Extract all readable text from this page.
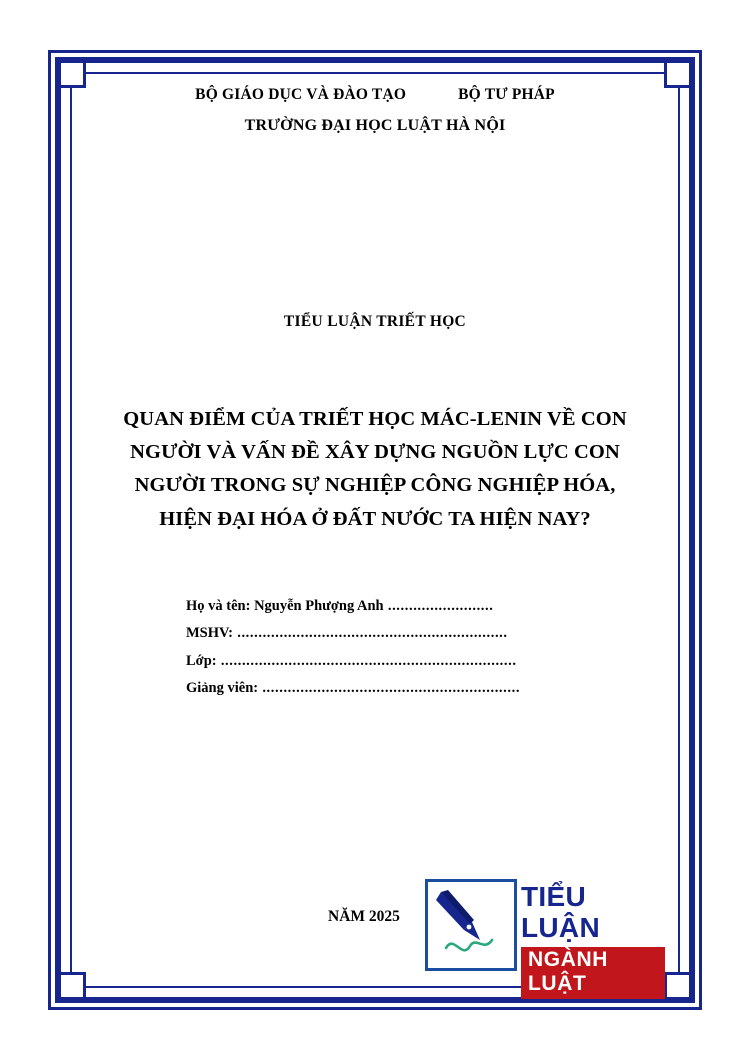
BỘ GIÁO DỤC VÀ ĐÀO TẠO	BỘ TƯ PHÁP
TRƯỜNG ĐẠI HỌC LUẬT HÀ NỘI
TIỂU LUẬN TRIẾT HỌC
QUAN ĐIỂM CỦA TRIẾT HỌC MÁC-LENIN VỀ CON
NGƯỜI VÀ VẤN ĐỀ XÂY DỰNG NGUỒN LỰC CON
NGƯỜI TRONG SỰ NGHIỆP CÔNG NGHIỆP HÓA,
HIỆN ĐẠI HÓA Ở ĐẤT NƯỚC TA HIỆN NAY?
Họ và tên: Nguyễn Phượng Anh .........................
MSHV: ................................................................
Lớp: ......................................................................
Giảng viên: .............................................................
NĂM 2025
TIỂU LUẬN
NGÀNH LUẬT
